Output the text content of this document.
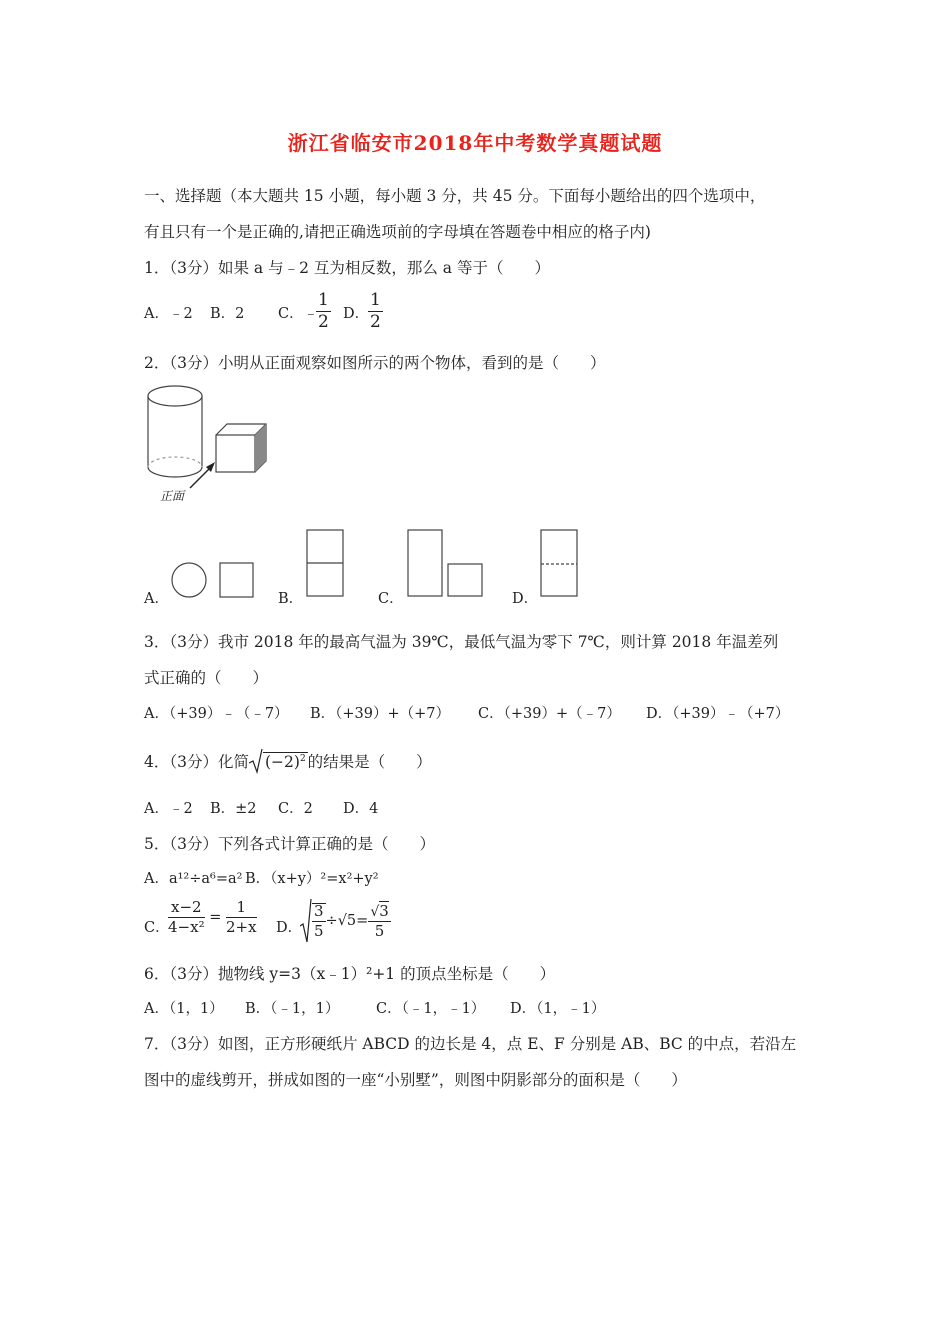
浙江省临安市2018年中考数学真题试题
一、选择题（本大题共 15 小题，每小题 3 分，共 45 分。下面每小题给出的四个选项中，
有且只有一个是正确的,请把正确选项前的字母填在答题卷中相应的格子内)
1．（3分）如果 a 与﹣2 互为相反数，那么 a 等于（　　）
A．﹣2 B．2 C．﹣
$\frac{1}{2}$ D．
$\frac{1}{2}$
2．（3分）小明从正面观察如图所示的两个物体，看到的是（　　）
正面
A．	B．	C．	D．
3．（3分）我市 2018 年的最高气温为 39℃，最低气温为零下 7℃，则计算 2018 年温差列
式正确的（　　）
A．（+39）﹣（﹣7） B．（+39）+（+7） C．（+39）+（﹣7） D．（+39）﹣（+7）
4．（3分）化简 $(-2)^2$ 的结果是（　　）
A．﹣2 B．±2 C．2 D．4
5．（3分）下列各式计算正确的是（　　）
A．a¹²÷a⁶=a² B．（x+y）²=x²+y²
C．
$\frac{x-2}{\text{4−x²}} = \frac{1}{2+x}$ D． $\frac{3}{5} \div√5= \frac{√3}{5}$
6．（3分）抛物线 y=3（x﹣1）²+1 的顶点坐标是（　　）
A．（1，1） B．（﹣1，1）	C．（﹣1，﹣1） D．（1，﹣1）
7．（3分）如图，正方形硬纸片 ABCD 的边长是 4，点 E、F 分别是 AB、BC 的中点，若沿左
图中的虚线剪开，拼成如图的一座“小别墅”，则图中阴影部分的面积是（　　）
